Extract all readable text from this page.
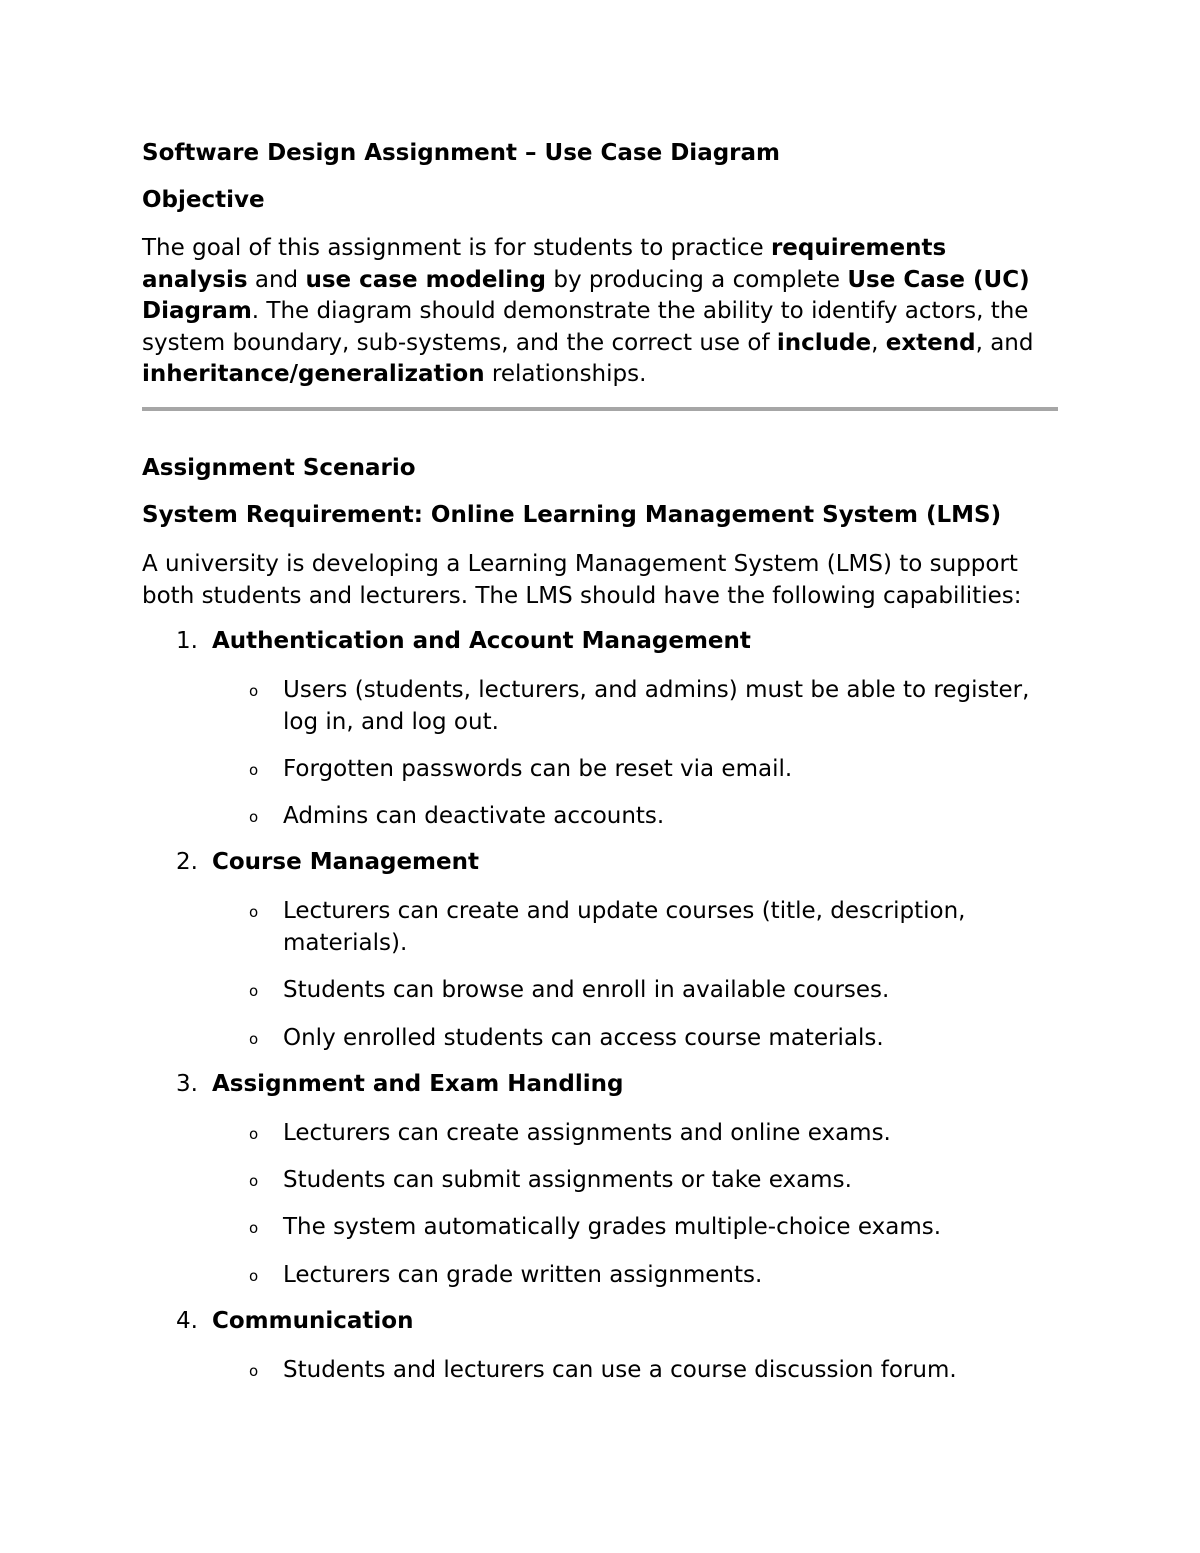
Software Design Assignment – Use Case Diagram
Objective
The goal of this assignment is for students to practice requirements analysis and use case modeling by producing a complete Use Case (UC) Diagram. The diagram should demonstrate the ability to identify actors, the system boundary, sub-systems, and the correct use of include, extend, and inheritance/generalization relationships.
Assignment Scenario
System Requirement: Online Learning Management System (LMS)
A university is developing a Learning Management System (LMS) to support both students and lecturers. The LMS should have the following capabilities:
1. Authentication and Account Management
o Users (students, lecturers, and admins) must be able to register, log in, and log out.
o Forgotten passwords can be reset via email.
o Admins can deactivate accounts.
2. Course Management
o Lecturers can create and update courses (title, description, materials).
o Students can browse and enroll in available courses.
o Only enrolled students can access course materials.
3. Assignment and Exam Handling
o Lecturers can create assignments and online exams.
o Students can submit assignments or take exams.
o The system automatically grades multiple-choice exams.
o Lecturers can grade written assignments.
4. Communication
o Students and lecturers can use a course discussion forum.
